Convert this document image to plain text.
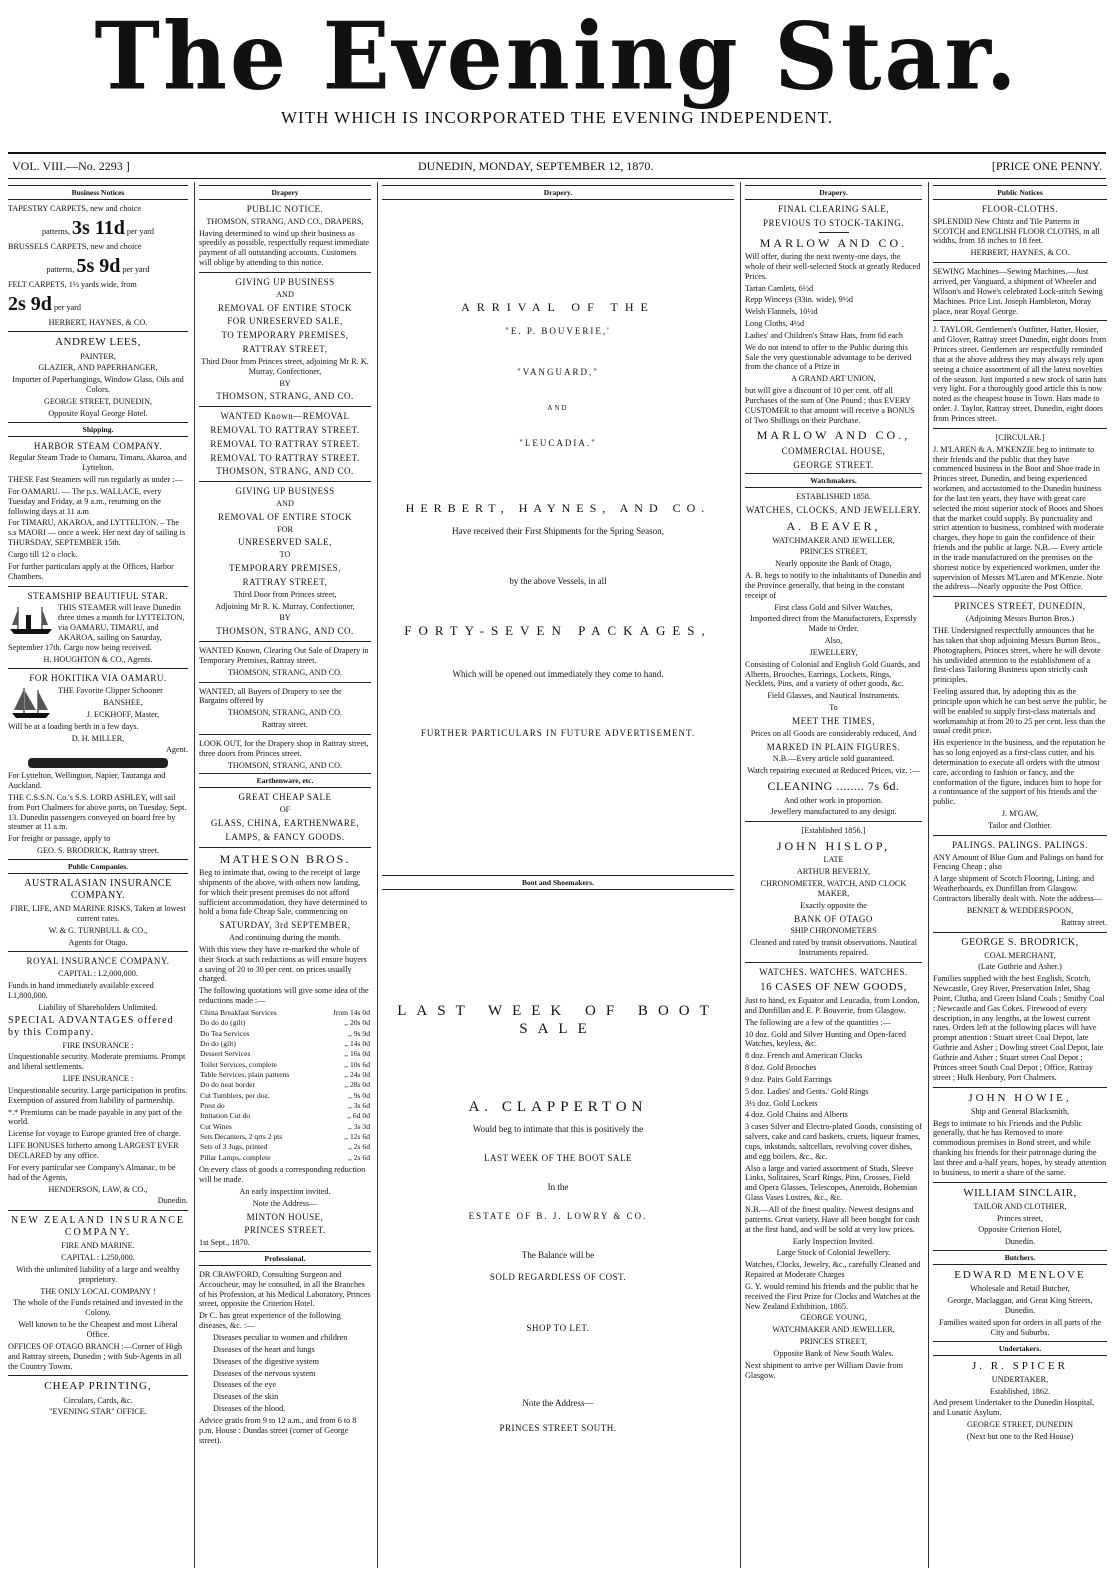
The Evening Star.
WITH WHICH IS INCORPORATED THE EVENING INDEPENDENT.
VOL. VIII.—No. 2293 ]	DUNEDIN, MONDAY, SEPTEMBER 12, 1870.	[PRICE ONE PENNY.
Business Notices

TAPESTRY CARPETS, new and choice

patterns, 3s 11d per yard

BRUSSELS CARPETS, new and choice

patterns, 5s 9d per yard

FELT CARPETS, 1½ yards wide, from

2s 9d per yard

HERBERT, HAYNES, & CO.

ANDREW LEES,

PAINTER,

GLAZIER, AND PAPERHANGER,

Importer of Paperhangings, Window Glass, Oils and Colors.

GEORGE STREET, DUNEDIN,

Opposite Royal George Hotel.

Shipping.

HARBOR STEAM COMPANY.

Regular Steam Trade to Oamaru, Timaru, Akaroa, and Lyttelton.

THESE Fast Steamers will run regularly as under :—

For OAMARU. — The p.s. WALLACE, every Tuesday and Friday, at 9 a.m., returning on the following days at 11 a.m

For TIMARU, AKAROA, and LYTTELTON. – The s.s MAORI — once a week. Her next day of sailing is THURSDAY, SEPTEMBER 15th.

Cargo till 12 o clock.

For further particulars apply at the Offices, Harbor Chambers.

STEAMSHIP BEAUTIFUL STAR.

THIS STEAMER will leave Dunedin three times a month for LYTTELTON, via OAMARU, TIMARU, and AKAROA, sailing on Saturday, September 17th. Cargo now being received.

H. HOUGHTON & CO., Agents.

FOR HOKITIKA VIA OAMARU.

THE Favorite Clipper Schooner

BANSHEE,

J. ECKHOFF, Master,

Will be at a loading berth in a few days.

D. H. MILLER,

Agent.

For Lyttelton, Wellington, Napier, Tauranga and Auckland.

THE C.S.S.N. Co.'s S.S. LORD ASHLEY, will sail from Port Chalmers for above ports, on Tuesday, Sept. 13. Dunedin passengers conveyed on board free by steamer at 11 a.m.

For freight or passage, apply to

GEO. S. BRODRICK, Rattray street.

Public Companies.

AUSTRALASIAN INSURANCE COMPANY.

FIRE, LIFE, AND MARINE RISKS, Taken at lowest current rates.

W. & G. TURNBULL & CO.,

Agents for Otago.

ROYAL INSURANCE COMPANY.

CAPITAL : L2,000,000.

Funds in hand immediately available exceed L1,800,000.

Liability of Shareholders Unlimited.

SPECIAL ADVANTAGES offered by this Company.

FIRE INSURANCE :

Unquestionable security. Moderate premiums. Prompt and liberal settlements.

LIFE INSURANCE :

Unquestionable security. Large participation in profits. Exemption of assured from liability of partnership.

*.* Premiums can be made payable in any part of the world.

License for voyage to Europe granted free of charge.

LIFE BONUSES hitherto among LARGEST EVER DECLARED by any office.

For every particular see Company's Almanac, to be had of the Agents,

HENDERSON, LAW, & CO.,

Dunedin.

NEW ZEALAND INSURANCE COMPANY.

FIRE AND MARINE.

CAPITAL : L250,000.

With the unlimited liability of a large and wealthy proprietory.

THE ONLY LOCAL COMPANY !

The whole of the Funds retained and invested in the Colony.

Well known to be the Cheapest and most Liberal Office.

OFFICES OF OTAGO BRANCH :—Corner of High and Rattray streets, Dunedin ; with Sub-Agents in all the Country Towns.

CHEAP PRINTING,

Circulars, Cards, &c.

"EVENING STAR" OFFICE.

Drapery

PUBLIC NOTICE.

THOMSON, STRANG, AND CO., DRAPERS,

Having determined to wind up their business as speedily as possible, respectfully request immediate payment of all outstanding accounts. Customers will oblige by attending to this notice.

GIVING UP BUSINESS

AND

REMOVAL OF ENTIRE STOCK

FOR UNRESERVED SALE,

TO TEMPORARY PREMISES,

RATTRAY STREET,

Third Door from Princes street, adjoining Mr R. K. Murray, Confectioner,

BY

THOMSON, STRANG, AND CO.

WANTED Known—REMOVAL

REMOVAL TO RATTRAY STREET.

REMOVAL TO RATTRAY STREET.

REMOVAL TO RATTRAY STREET.

THOMSON, STRANG, AND CO.

GIVING UP BUSINESS

AND

REMOVAL OF ENTIRE STOCK

FOR

UNRESERVED SALE,

TO

TEMPORARY PREMISES,

RATTRAY STREET,

Third Door from Princes street,

Adjoining Mr R. K. Murray, Confectioner,

BY

THOMSON, STRANG, AND CO.

WANTED Known, Clearing Out Sale of Drapery in Temporary Premises, Rattray street.

THOMSON, STRANG, AND CO.

WANTED, all Buyers of Drapery to see the Bargains offered by

THOMSON, STRANG, AND CO.

Rattray street.

LOOK OUT, for the Drapery shop in Rattray street, three doors from Princes street.

THOMSON, STRANG, AND CO.

Earthenware, etc.

GREAT CHEAP SALE

OF

GLASS, CHINA, EARTHENWARE,

LAMPS, & FANCY GOODS.

MATHESON BROS.

Beg to intimate that, owing to the receipt of large shipments of the above, with others now landing, for which their present premises do not afford sufficient accommodation, they have determined to hold a bona fide Cheap Sale, commencing on

SATURDAY, 3rd SEPTEMBER,

And continuing during the month.

With this view they have re-marked the whole of their Stock at such reductions as will ensure buyers a saving of 20 to 30 per cent. on prices usually charged.

The following quotations will give some idea of the reductions made :—

China Breakfast Services	from 14s 0d
Do do do (gilt)	,, 20s 0d
Do Tea Services	,, 9s 9d
Do do (gilt)	,, 14s 0d
Dessert Services	,, 16s 0d
Toilet Services, complete	,, 10s 6d
Table Services, plain patterns	,, 24s 0d
Do do neat border	,, 28s 0d
Cut Tumblers, per doz.	,, 9s 0d
Prest do	,, 3s 6d
Imitation Cut do	,, 6d 0d
Cut Wines	,, 3s 3d
Sets Decanters, 2 qrts 2 pts	,, 12s 6d
Sets of 3 Jugs, printed	,, 2s 6d
Pillar Lamps, complete	,, 2s 6d

On every class of goods a corresponding reduction will be made.

An early inspection invited.

Note the Address—

MINTON HOUSE,

PRINCES STREET.

1st Sept., 1870.

Professional.

DR CRAWFORD, Consulting Surgeon and Accoucheur, may be consulted, in all the Branches of his Profession, at his Medical Laboratory, Princes street, opposite the Criterion Hotel.

Dr C. has great experience of the following diseases, &c. :—

Diseases peculiar to women and children

Diseases of the heart and lungs

Diseases of the digestive system

Diseases of the nervous system

Diseases of the eye

Diseases of the skin

Diseases of the blood.

Advice gratis from 9 to 12 a.m., and from 6 to 8 p.m. House : Dundas street (corner of George street).

Drapery.

ARRIVAL OF THE

"E. P. BOUVERIE,'

"VANGUARD,"

AND

"LEUCADIA."

HERBERT, HAYNES, AND CO.

Have received their First Shipments for the Spring Season,

by the above Vessels, in all

FORTY-SEVEN PACKAGES,

Which will be opened out immediately they come to hand.

FURTHER PARTICULARS IN FUTURE ADVERTISEMENT.

Boot and Shoemakers.

LAST WEEK OF BOOT SALE

A. CLAPPERTON

Would beg to intimate that this is positively the

LAST WEEK OF THE BOOT SALE

In the

ESTATE OF B. J. LOWRY & CO.

The Balance will be

SOLD REGARDLESS OF COST.

SHOP TO LET.

Note the Address—

PRINCES STREET SOUTH.

Drapery.

FINAL CLEARING SALE,

PREVIOUS TO STOCK-TAKING.

MARLOW AND CO.

Will offer, during the next twenty-one days, the whole of their well-selected Stock at greatly Reduced Prices.

Tartan Camlets, 6½d

Repp Winceys (33in. wide), 9½d

Welsh Flannels, 10½d

Long Cloths, 4½d

Ladies' and Children's Straw Hats, from 6d each

We do not intend to offer to the Public during this Sale the very questionable advantage to be derived from the chance of a Prize in

A GRAND ART UNION,

but will give a discount of 10 per cent. off all Purchases of the sum of One Pound ; thus EVERY CUSTOMER to that amount will receive a BONUS of Two Shillings on their Purchase.

MARLOW AND CO.,

COMMERCIAL HOUSE,

GEORGE STREET.

Watchmakers.

ESTABLISHED 1858.

WATCHES, CLOCKS, AND JEWELLERY.

A. BEAVER,

WATCHMAKER AND JEWELLER,

PRINCES STREET,

Nearly opposite the Bank of Otago,

A. B. begs to notify to the inhabitants of Dunedin and the Province generally, that being in the constant receipt of

First class Gold and Silver Watches,

Imported direct from the Manufacturers, Expressly Made to Order.

Also,

JEWELLERY,

Consisting of Colonial and English Gold Guards, and Alberts, Brooches, Earrings, Lockets, Rings, Necklets, Pins, and a variety of other goods, &c.

Field Glasses, and Nautical Instruments.

To

MEET THE TIMES,

Prices on all Goods are considerably reduced, And

MARKED IN PLAIN FIGURES.

N.B.—Every article sold guaranteed.

Watch repairing executed at Reduced Prices, viz. :—

CLEANING ........ 7s 6d.

And other work in proportion.

Jewellery manufactured to any design.

[Established 1856.]

JOHN HISLOP,

LATE

ARTHUR BEVERLY,

CHRONOMETER, WATCH, AND CLOCK MAKER,

Exactly opposite the

BANK OF OTAGO

SHIP CHRONOMETERS

Cleaned and rated by transit observations. Nautical Instruments repaired.

WATCHES. WATCHES. WATCHES.

16 CASES OF NEW GOODS,

Just to hand, ex Equator and Leucadia, from London, and Dunfillan and E. P. Bouverie, from Glasgow.

The following are a few of the quantities :—

10 doz. Gold and Silver Hunting and Open-faced Watches, keyless, &c.

8 doz. French and American Clocks

8 doz. Gold Brooches

9 doz. Pairs Gold Earrings

5 doz. Ladies' and Gents.' Gold Rings

3½ doz. Gold Lockets

4 doz. Gold Chains and Alberts

3 cases Silver and Electro-plated Goods, consisting of salvers, cake and card baskets, cruets, liqueur frames, cups, inkstands, saltcellars, revolving cover dishes, and egg boilers, &c., &c.

Also a large and varied assortment of Studs, Sleeve Links, Solitaires, Scarf Rings, Pins, Crosses, Field and Opera Glasses, Telescopes, Aneroids, Bohemian Glass Vases Lustres, &c., &c.

N.B.—All of the finest quality. Newest designs and patterns. Great variety. Have all been bought for cash at the first hand, and will be sold at very low prices.

Early Inspection Invited.

Large Stock of Colonial Jewellery.

Watches, Clocks, Jewelry, &c., carefully Cleaned and Repaired at Moderate Charges

G. Y. would remind his friends and the public that he received the First Prize for Clocks and Watches at the New Zealand Exhibition, 1865.

GEORGE YOUNG,

WATCHMAKER AND JEWELLER,

PRINCES STREET,

Opposite Bank of New South Wales.

Next shipment to arrive per William Davie from Glasgow.

Public Notices

FLOOR-CLOTHS.

SPLENDID New Chintz and Tile Patterns in SCOTCH and ENGLISH FLOOR CLOTHS, in all widths, from 18 inches to 18 feet.

HERBERT, HAYNES, & CO.

SEWING Machines—Sewing Machines.—Just arrived, per Vanguard, a shipment of Wheeler and Wilson's and Howe's celebrated Lock-stitch Sewing Machines. Price List. Joseph Hambleton, Moray place, near Royal George.

J. TAYLOR, Gentlemen's Outfitter, Hatter, Hosier, and Glover, Rattray street Dunedin, eight doors from Princes street. Gentlemen are respectfully reminded that at the above address they may always rely upon seeing a choice assortment of all the latest novelties of the season. Just imported a new stock of satin hats very light. For a thoroughly good article this is now noted as the cheapest house in Town. Hats made to order. J. Taylor, Rattray street, Dunedin, eight doors from Princes street.

[CIRCULAR.]

J. M'LAREN & A. M'KENZIE beg to intimate to their friends and the public that they have commenced business in the Boot and Shoe trade in Princes street, Dunedin, and being experienced workmen, and accustomed to the Dunedin business for the last ten years, they have with great care selected the most superior stock of Boots and Shoes that the market could supply. By punctuality and strict attention to business, combined with moderate charges, they hope to gain the confidence of their friends and the public at large. N.B.— Every article in the trade manufactured on the premises on the shortest notice by experienced workmen, under the supervision of Messrs M'Laren and M'Kenzie. Note the address—Nearly opposite the Post Office.

PRINCES STREET, DUNEDIN,

(Adjoining Messrs Burton Bros.)

THE Undersigned respectfully announces that he has taken that shop adjoining Messrs Burton Bros., Photographers, Princes street, where he will devote his undivided attention to the establishment of a first-class Tailoring Business upon strictly cash principles.

Feeling assured that, by adopting this as the principle upon which he can best serve the public, he will be enabled to supply first-class materials and workmanship at from 20 to 25 per cent. less than the usual credit price.

His experience in the business, and the reputation he has so long enjoyed as a first-class cutter, and his determination to execute all orders with the utmost care, according to fashion or fancy, and the conformation of the figure, induces him to hope for a continuance of the support of his friends and the public.

J. M'GAW,

Tailor and Clothier.

PALINGS. PALINGS. PALINGS.

ANY Amount of Blue Gum and Palings on hand for Fencing Cheap ; also

A large shipment of Scotch Flooring, Lining, and Weatherboards, ex Dunfillan from Glasgow. Contractors liberally dealt with. Note the address—

BENNET & WEDDERSPOON,

Rattray street.

GEORGE S. BRODRICK,

COAL MERCHANT,

(Late Guthrie and Asher.)

Families supplied with the best English, Scotch, Newcastle, Grey River, Preservation Inlet, Shag Point, Clutha, and Green Island Coals ; Smithy Coal ; Newcastle and Gas Cokes. Firewood of every description, in any lengths, at the lowest current rates. Orders left at the following places will have prompt attention : Stuart street Coal Depot, late Guthrie and Asher ; Dowling street Coal Depot, late Guthrie and Asher ; Stuart street Coal Depot ; Princes street South Coal Depot ; Office, Rattray street ; Hulk Henbury, Port Chalmers.

JOHN HOWIE,

Ship and General Blacksmith,

Begs to intimate to his Friends and the Public generally, that he has Removed to more commodious premises in Bond street, and while thanking his friends for their patronage during the last three and a-half years, hopes, by steady attention to business, to merit a share of the same.

WILLIAM SINCLAIR,

TAILOR AND CLOTHIER,

Princes street,

Opposite Criterion Hotel,

Dunedin.

Butchers.

EDWARD MENLOVE

Wholesale and Retail Butcher,

George, Maclaggan, and Great King Streets, Dunedin.

Families waited upon for orders in all parts of the City and Suburbs.

Undertakers.

J. R. SPICER

UNDERTAKER,

Established, 1862.

And present Undertaker to the Dunedin Hospital, and Lunatic Asylum.

GEORGE STREET, DUNEDIN

(Next but one to the Red House)
